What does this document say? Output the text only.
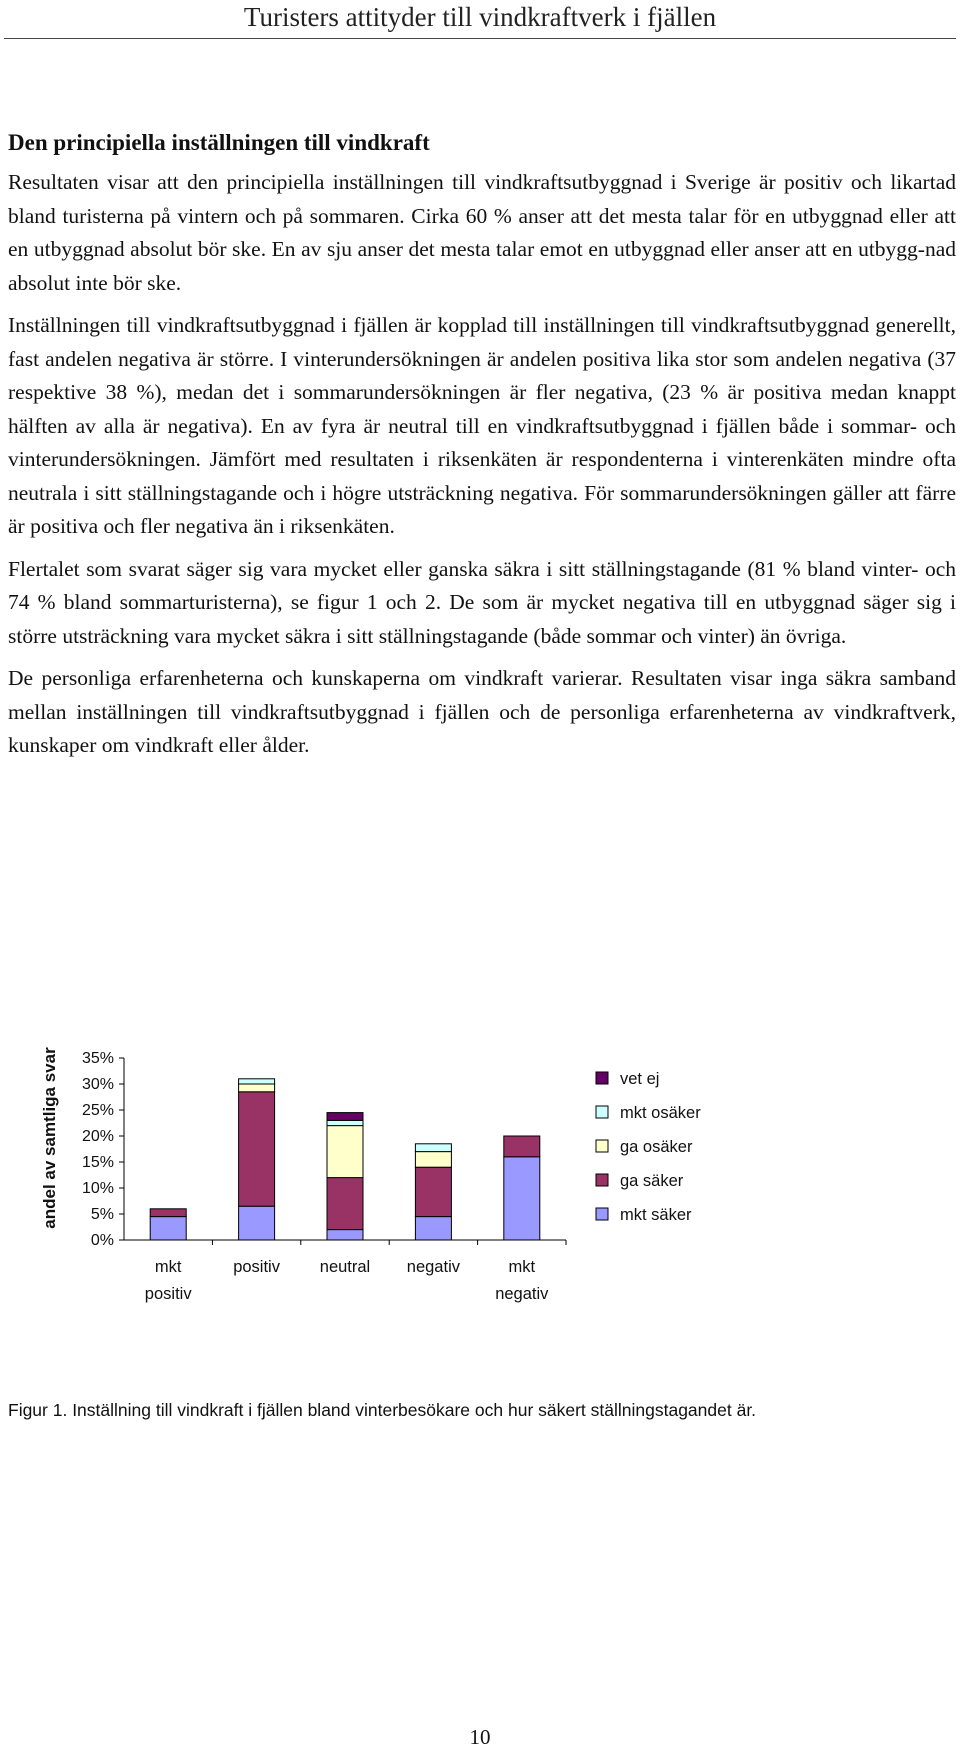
Turisters attityder till vindkraftverk i fjällen
Den principiella inställningen till vindkraft

Resultaten visar att den principiella inställningen till vindkraftsutbyggnad i Sverige är positiv och likartad bland turisterna på vintern och på sommaren. Cirka 60 % anser att det mesta talar för en utbyggnad eller att en utbyggnad absolut bör ske. En av sju anser det mesta talar emot en utbyggnad eller anser att en utbygg-nad absolut inte bör ske.

Inställningen till vindkraftsutbyggnad i fjällen är kopplad till inställningen till vindkraftsutbyggnad generellt, fast andelen negativa är större. I vinterundersökningen är andelen positiva lika stor som andelen negativa (37 respektive 38 %), medan det i sommarundersökningen är fler negativa, (23 % är positiva medan knappt hälften av alla är negativa). En av fyra är neutral till en vindkraftsutbyggnad i fjällen både i sommar- och vinterundersökningen. Jämfört med resultaten i riksenkäten är respondenterna i vinterenkäten mindre ofta neutrala i sitt ställningstagande och i högre utsträckning negativa. För sommarundersökningen gäller att färre är positiva och fler negativa än i riksenkäten.

Flertalet som svarat säger sig vara mycket eller ganska säkra i sitt ställningstagande (81 % bland vinter- och 74 % bland sommarturisterna), se figur 1 och 2. De som är mycket negativa till en utbyggnad säger sig i större utsträckning vara mycket säkra i sitt ställningstagande (både sommar och vinter) än övriga.

De personliga erfarenheterna och kunskaperna om vindkraft varierar. Resultaten visar inga säkra samband mellan inställningen till vindkraftsutbyggnad i fjällen och de personliga erfarenheterna av vindkraftverk, kunskaper om vindkraft eller ålder.

andel av samtliga svar 35%
30%
25%
20%
15%
10%
5%
0%
mkt
positiv
positiv neutral negativ	mkt
negativ
vet ej
mkt osäker
ga osäker
ga säker
mkt säker
Figur 1. Inställning till vindkraft i fjällen bland vinterbesökare och hur säkert ställningstagandet är.
10
